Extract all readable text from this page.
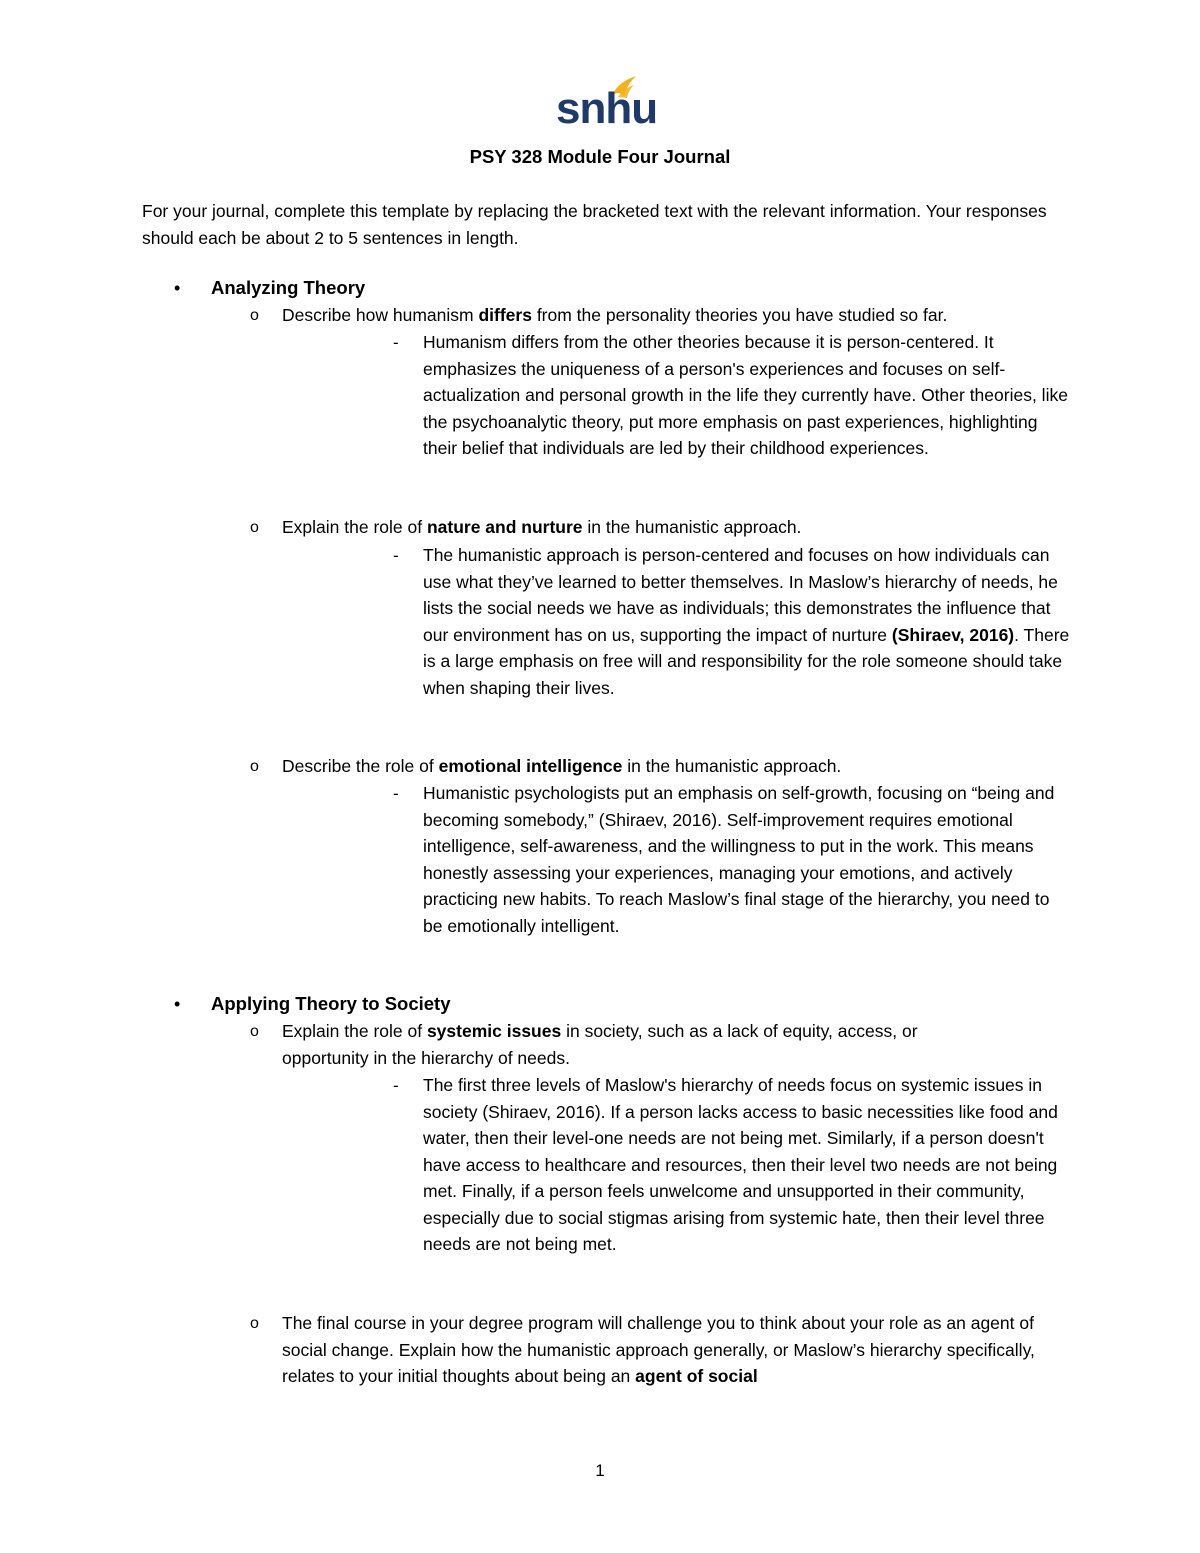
snhu
PSY 328 Module Four Journal
For your journal, complete this template by replacing the bracketed text with the relevant information. Your responses should each be about 2 to 5 sentences in length.
• Analyzing Theory
o Describe how humanism differs from the personality theories you have studied so far.
- Humanism differs from the other theories because it is person-centered. It emphasizes the uniqueness of a person's experiences and focuses on self-actualization and personal growth in the life they currently have. Other theories, like the psychoanalytic theory, put more emphasis on past experiences, highlighting their belief that individuals are led by their childhood experiences.
o Explain the role of nature and nurture in the humanistic approach.
- The humanistic approach is person-centered and focuses on how individuals can use what they’ve learned to better themselves. In Maslow’s hierarchy of needs, he lists the social needs we have as individuals; this demonstrates the influence that our environment has on us, supporting the impact of nurture (Shiraev, 2016). There is a large emphasis on free will and responsibility for the role someone should take when shaping their lives.
o Describe the role of emotional intelligence in the humanistic approach.
- Humanistic psychologists put an emphasis on self-growth, focusing on “being and becoming somebody,” (Shiraev, 2016). Self-improvement requires emotional intelligence, self-awareness, and the willingness to put in the work. This means honestly assessing your experiences, managing your emotions, and actively practicing new habits. To reach Maslow’s final stage of the hierarchy, you need to be emotionally intelligent.
• Applying Theory to Society
o Explain the role of systemic issues in society, such as a lack of equity, access, or opportunity in the hierarchy of needs.
- The first three levels of Maslow's hierarchy of needs focus on systemic issues in society (Shiraev, 2016). If a person lacks access to basic necessities like food and water, then their level-one needs are not being met. Similarly, if a person doesn't have access to healthcare and resources, then their level two needs are not being met. Finally, if a person feels unwelcome and unsupported in their community, especially due to social stigmas arising from systemic hate, then their level three needs are not being met.
o The final course in your degree program will challenge you to think about your role as an agent of social change. Explain how the humanistic approach generally, or Maslow’s hierarchy specifically, relates to your initial thoughts about being an agent of social
1
